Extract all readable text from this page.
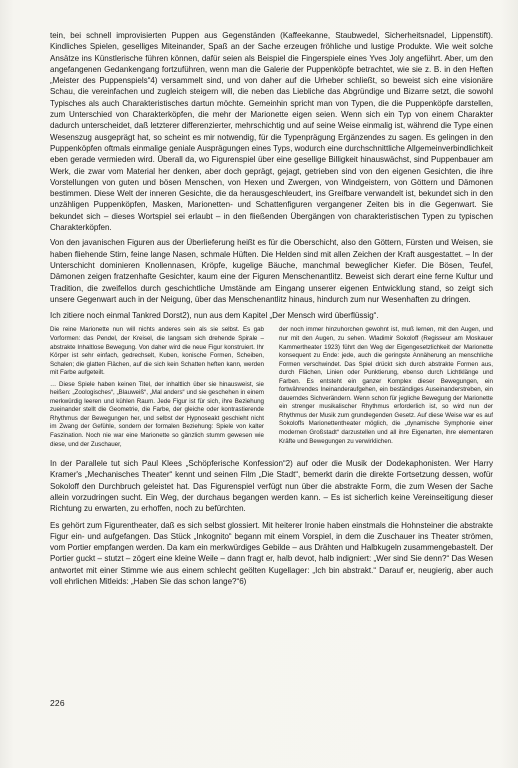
tein, bei schnell improvisierten Puppen aus Gegenständen (Kaffeekanne, Staubwedel, Sicherheitsnadel, Lippenstift). Kindliches Spielen, geselliges Miteinander, Spaß an der Sache erzeugen fröhliche und lustige Produkte. Wie weit solche Ansätze ins Künstlerische führen können, dafür seien als Beispiel die Fingerspiele eines Yves Joly angeführt. Aber, um den angefangenen Gedankengang fortzuführen, wenn man die Galerie der Puppenköpfe betrachtet, wie sie z. B. in den Heften „Meister des Puppenspiels“4) versammelt sind, und von daher auf die Urheber schließt, so beweist sich eine visionäre Schau, die vereinfachen und zugleich steigern will, die neben das Liebliche das Abgründige und Bizarre setzt, die sowohl Typisches als auch Charakteristisches dartun möchte. Gemeinhin spricht man von Typen, die die Puppenköpfe darstellen, zum Unterschied von Charakterköpfen, die mehr der Marionette eigen seien. Wenn sich ein Typ von einem Charakter dadurch unterscheidet, daß letzterer differenzierter, mehrschichtig und auf seine Weise einmalig ist, während die Type einen Wesenszug ausgeprägt hat, so scheint es mir notwendig, für die Typenprägung Ergänzendes zu sagen. Es gelingen in den Puppenköpfen oftmals einmalige geniale Ausprägungen eines Typs, wodurch eine durchschnittliche Allgemeinverbindlichkeit eben gerade vermieden wird. Überall da, wo Figurenspiel über eine gesellige Billigkeit hinauswächst, sind Puppenbauer am Werk, die zwar vom Material her denken, aber doch geprägt, gejagt, getrieben sind von den eigenen Gesichten, die ihre Vorstellungen von guten und bösen Menschen, von Hexen und Zwergen, von Windgeistern, von Göttern und Dämonen bestimmen. Diese Welt der inneren Gesichte, die da herausgeschleudert, ins Greifbare verwandelt ist, bekundet sich in den unzähligen Puppenköpfen, Masken, Marionetten- und Schattenfiguren vergangener Zeiten bis in die Gegenwart. Sie bekundet sich – dieses Wortspiel sei erlaubt – in den fließenden Übergängen von charakteristischen Typen zu typischen Charakterköpfen.

Von den javanischen Figuren aus der Überlieferung heißt es für die Oberschicht, also den Göttern, Fürsten und Weisen, sie haben fliehende Stirn, feine lange Nasen, schmale Hüften. Die Helden sind mit allen Zeichen der Kraft ausgestattet. – In der Unterschicht dominieren Knollennasen, Kröpfe, kugelige Bäuche, manchmal beweglicher Kiefer. Die Bösen, Teufel, Dämonen zeigen fratzenhafte Gesichter, kaum eine der Figuren Menschenantlitz. Beweist sich derart eine ferne Kultur und Tradition, die zweifellos durch geschichtliche Umstände am Eingang unserer eigenen Entwicklung stand, so zeigt sich unsere Gegenwart auch in der Neigung, über das Menschenantlitz hinaus, hindurch zum nur Wesenhaften zu dringen.

Ich zitiere noch einmal Tankred Dorst2), nun aus dem Kapitel „Der Mensch wird überflüssig“.

Die reine Marionette nun will nichts anderes sein als sie selbst. Es gab Vorformen: das Pendel, der Kreisel, die langsam sich drehende Spirale – abstrakte Inhaltlose Bewegung. Von daher wird die neue Figur konstruiert. Ihr Körper ist sehr einfach, gedrechselt, Kuben, konische Formen, Scheiben, Schalen; die glatten Flächen, auf die sich kein Schatten heften kann, werden mit Farbe aufgeteilt.

… Diese Spiele haben keinen Titel, der inhaltlich über sie hinausweist, sie heißen: „Zoologisches“, „Blauweiß“, „Mal anders“ und sie geschehen in einem merkwürdig leeren und kühlen Raum. Jede Figur ist für sich, ihre Beziehung zueinander stellt die Geometrie, die Farbe, der gleiche oder kontrastierende Rhythmus der Bewegungen her, und selbst der Hypnoseakt geschieht nicht im Zwang der Gefühle, sondern der formalen Beziehung: Spiele von kalter Faszination. Noch nie war eine Marionette so gänzlich stumm gewesen wie diese, und der Zuschauer,

der noch immer hinzuhorchen gewohnt ist, muß lernen, mit den Augen, und nur mit den Augen, zu sehen. Wladimir Sokoloff (Regisseur am Moskauer Kammertheater 1923) führt den Weg der Eigengesetzlichkeit der Marionette konsequent zu Ende: jede, auch die geringste Annäherung an menschliche Formen verschwindet. Das Spiel drückt sich durch abstrakte Formen aus, durch Flächen, Linien oder Punktierung, ebenso durch Lichtklänge und Farben. Es entsteht ein ganzer Komplex dieser Bewegungen, ein fortwährendes Ineinanderaufgehen, ein beständiges Auseinanderstreben, ein dauerndes Sichverändern. Wenn schon für jegliche Bewegung der Marionette ein strenger musikalischer Rhythmus erforderlich ist, so wird nun der Rhythmus der Musik zum grundlegenden Gesetz. Auf diese Weise war es auf Sokoloffs Marionettentheater möglich, die „dynamische Symphonie einer modernen Großstadt“ darzustellen und all ihre Eigenarten, ihre elementaren Kräfte und Bewegungen zu verwirklichen.

In der Parallele tut sich Paul Klees „Schöpferische Konfession“2) auf oder die Musik der Dodekaphonisten. Wer Harry Kramer's „Mechanisches Theater“ kennt und seinen Film „Die Stadt“, bemerkt darin die direkte Fortsetzung dessen, wofür Sokoloff den Durchbruch geleistet hat. Das Figurenspiel verfügt nun über die abstrakte Form, die zum Wesen der Sache allein vorzudringen sucht. Ein Weg, der durchaus begangen werden kann. – Es ist sicherlich keine Vereinseitigung dieser Richtung zu erwarten, zu erhoffen, noch zu befürchten.

Es gehört zum Figurentheater, daß es sich selbst glossiert. Mit heiterer Ironie haben einstmals die Hohnsteiner die abstrakte Figur ein- und aufgefangen. Das Stück „Inkognito“ begann mit einem Vorspiel, in dem die Zuschauer ins Theater strömen, vom Portier empfangen werden. Da kam ein merkwürdiges Gebilde – aus Drähten und Halbkugeln zusammengebastelt. Der Portier guckt – stutzt – zögert eine kleine Weile – dann fragt er, halb devot, halb indigniert: „Wer sind Sie denn?“ Das Wesen antwortet mit einer Stimme wie aus einem schlecht geölten Kugellager: „Ich bin abstrakt.“ Darauf er, neugierig, aber auch voll ehrlichen Mitleids: „Haben Sie das schon lange?“6)

226
